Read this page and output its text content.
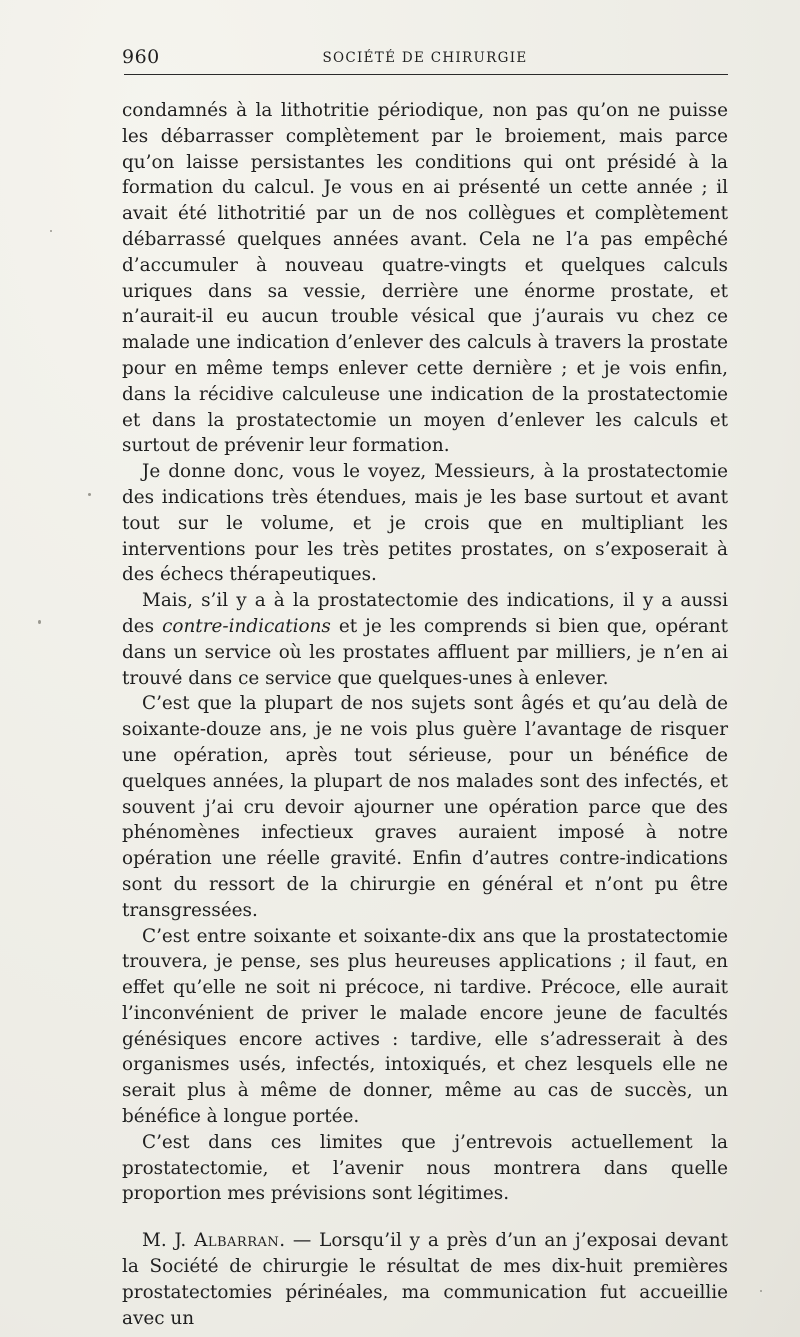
960	SOCIÉTÉ DE CHIRURGIE

condamnés à la lithotritie périodique, non pas qu’on ne puisse les débarrasser complètement par le broiement, mais parce qu’on laisse persistantes les conditions qui ont présidé à la formation du calcul. Je vous en ai présenté un cette année ; il avait été lithotritié par un de nos collègues et complètement débarrassé quelques années avant. Cela ne l’a pas empêché d’accumuler à nouveau quatre-vingts et quelques calculs uriques dans sa vessie, derrière une énorme prostate, et n’aurait-il eu aucun trouble vésical que j’aurais vu chez ce malade une indication d’enlever des calculs à travers la prostate pour en même temps enlever cette dernière ; et je vois enfin, dans la récidive calculeuse une indication de la prostatectomie et dans la prostatectomie un moyen d’enlever les calculs et surtout de prévenir leur formation.

Je donne donc, vous le voyez, Messieurs, à la prostatectomie des indications très étendues, mais je les base surtout et avant tout sur le volume, et je crois que en multipliant les interventions pour les très petites prostates, on s’exposerait à des échecs thérapeutiques.

Mais, s’il y a à la prostatectomie des indications, il y a aussi des contre-indications et je les comprends si bien que, opérant dans un service où les prostates affluent par milliers, je n’en ai trouvé dans ce service que quelques-unes à enlever.

C’est que la plupart de nos sujets sont âgés et qu’au delà de soixante-douze ans, je ne vois plus guère l’avantage de risquer une opération, après tout sérieuse, pour un bénéfice de quelques années, la plupart de nos malades sont des infectés, et souvent j’ai cru devoir ajourner une opération parce que des phénomènes infectieux graves auraient imposé à notre opération une réelle gravité. Enfin d’autres contre-indications sont du ressort de la chirurgie en général et n’ont pu être transgressées.

C’est entre soixante et soixante-dix ans que la prostatectomie trouvera, je pense, ses plus heureuses applications ; il faut, en effet qu’elle ne soit ni précoce, ni tardive. Précoce, elle aurait l’inconvénient de priver le malade encore jeune de facultés génésiques encore actives : tardive, elle s’adresserait à des organismes usés, infectés, intoxiqués, et chez lesquels elle ne serait plus à même de donner, même au cas de succès, un bénéfice à longue portée.

C’est dans ces limites que j’entrevois actuellement la prostatectomie, et l’avenir nous montrera dans quelle proportion mes prévisions sont légitimes.

M. J. Albarran. — Lorsqu’il y a près d’un an j’exposai devant la Société de chirurgie le résultat de mes dix-huit premières prostatectomies périnéales, ma communication fut accueillie avec un
